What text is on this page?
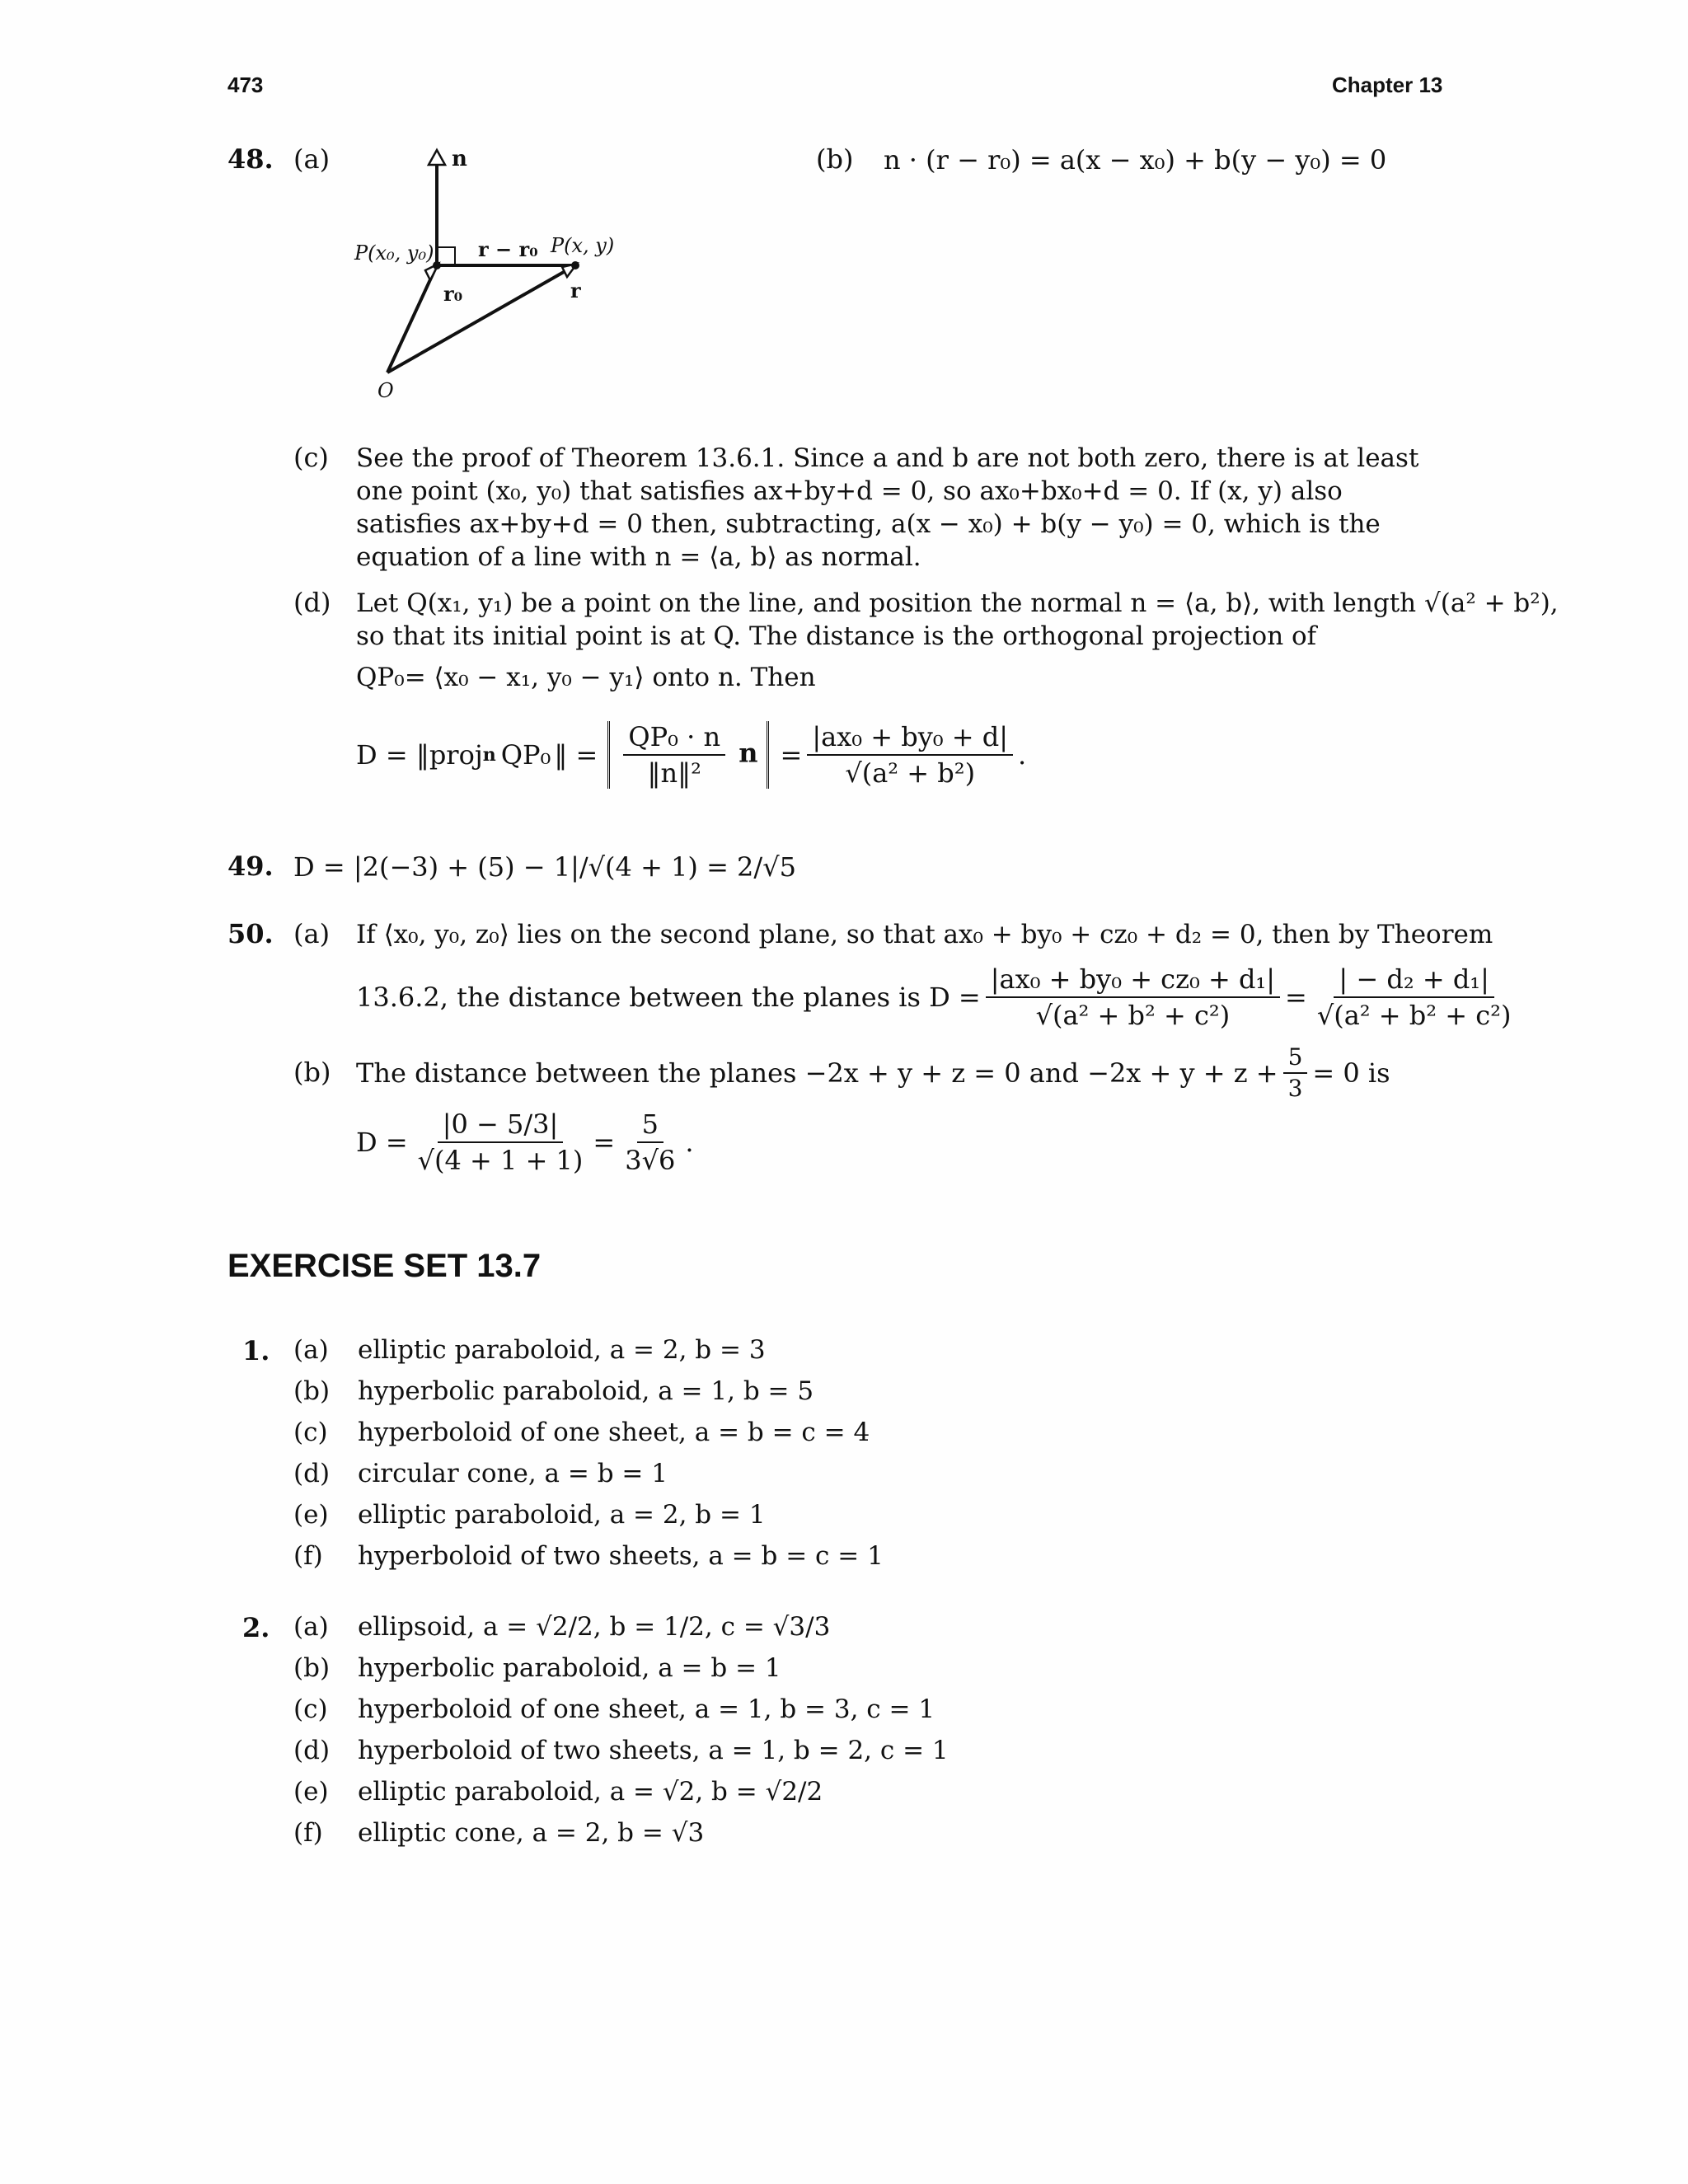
473	Chapter 13
48. (a)	n
P(x₀, y₀) r − r₀ P(x, y)
r₀	r
O
(b) n · (r − r₀) = a(x − x₀) + b(y − y₀) = 0
(c) See the proof of Theorem 13.6.1. Since a and b are not both zero, there is at least one point (x₀, y₀) that satisfies ax+by+d = 0, so ax₀+bx₀+d = 0. If (x, y) also satisfies ax+by+d = 0 then, subtracting, a(x − x₀) + b(y − y₀) = 0, which is the equation of a line with n = ⟨a, b⟩ as normal.
(d) Let Q(x₁, y₁) be a point on the line, and position the normal n = ⟨a, b⟩, with length √(a² + b²),
so that its initial point is at Q. The distance is the orthogonal projection of
QP₀= ⟨x₀ − x₁, y₀ − y₁⟩ onto n. Then
D = ‖proj n QP₀ ‖ = $\frac{\text{QP₀ · n}}{\text{‖n‖²}}$ $n = \frac{\text{|ax₀ + by₀ + d|}}{\text{√(a² + b²)}}$ .
49. D = |2(−3) + (5) − 1|/√(4 + 1) = 2/√5
50. (a) If ⟨x₀, y₀, z₀⟩ lies on the second plane, so that ax₀ + by₀ + cz₀ + d₂ = 0, then by Theorem
13.6.2, the distance between the planes is $D = \frac{\text{|ax₀ + by₀ + cz₀ + d₁|}}{\text{√(a² + b² + c²)}} = \frac{\text{| − d₂ + d₁|}}{\text{√(a² + b² + c²)}}$
(b) The distance between the planes −2x + y + z = 0 and $-2x + y + z + \frac{5}{3} = 0$ is
$D = \frac{|0 - 5/3|}{√(4 + 1 + 1)} = \frac{5}{3√6}$ .
EXERCISE SET 13.7
1. (a)	elliptic paraboloid, a = 2, b = 3
(b)	hyperbolic paraboloid, a = 1, b = 5
(c)	hyperboloid of one sheet, a = b = c = 4
(d)	circular cone, a = b = 1
(e)	elliptic paraboloid, a = 2, b = 1
(f)	hyperboloid of two sheets, a = b = c = 1
2. (a)	ellipsoid, a = √2/2, b = 1/2, c = √3/3
(b)	hyperbolic paraboloid, a = b = 1
(c)	hyperboloid of one sheet, a = 1, b = 3, c = 1
(d)	hyperboloid of two sheets, a = 1, b = 2, c = 1
(e)	elliptic paraboloid, a = √2, b = √2/2
(f)	elliptic cone, a = 2, b = √3
